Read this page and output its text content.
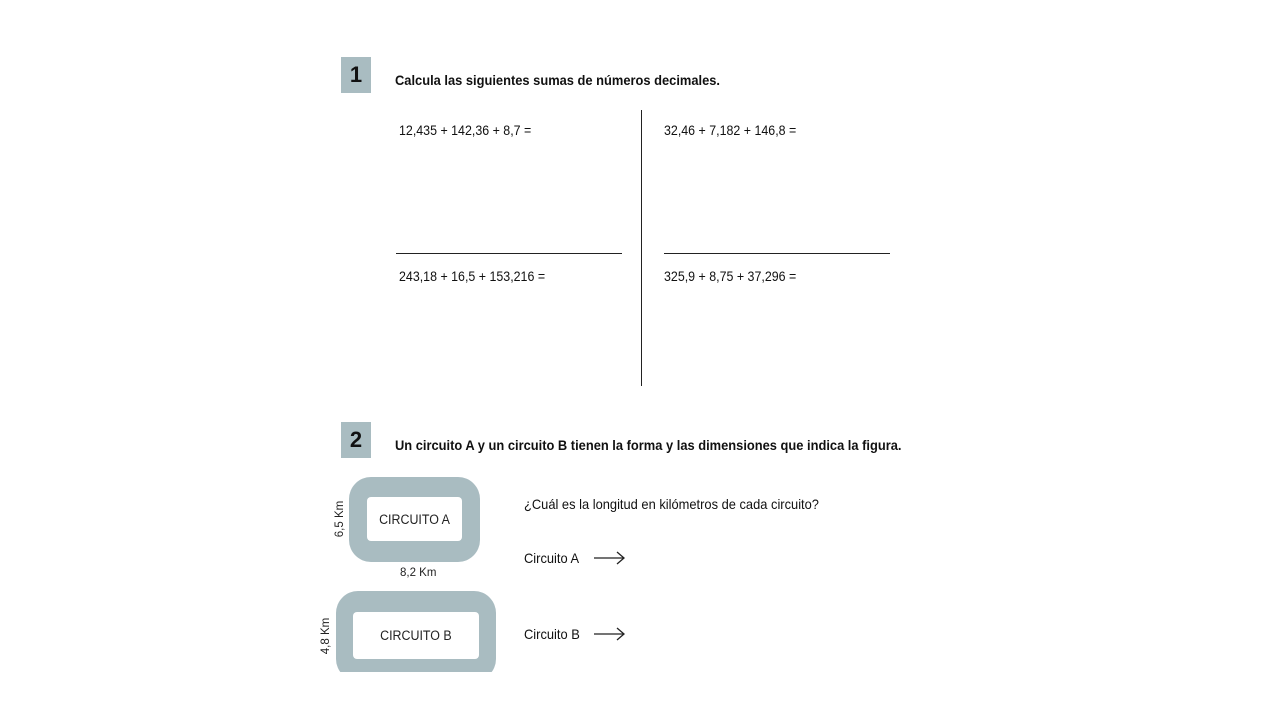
1 Calcula las siguientes sumas de números decimales.
12,435 + 142,36 + 8,7 =	32,46 + 7,182 + 146,8 =
243,18 + 16,5 + 153,216 =	325,9 + 8,75 + 37,296 =
2 Un circuito A y un circuito B tienen la forma y las dimensiones que indica la figura.
CIRCUITO A
6,5 Km
8,2 Km
CIRCUITO B
4,8 Km
¿Cuál es la longitud en kilómetros de cada circuito?
Circuito A
Circuito B
